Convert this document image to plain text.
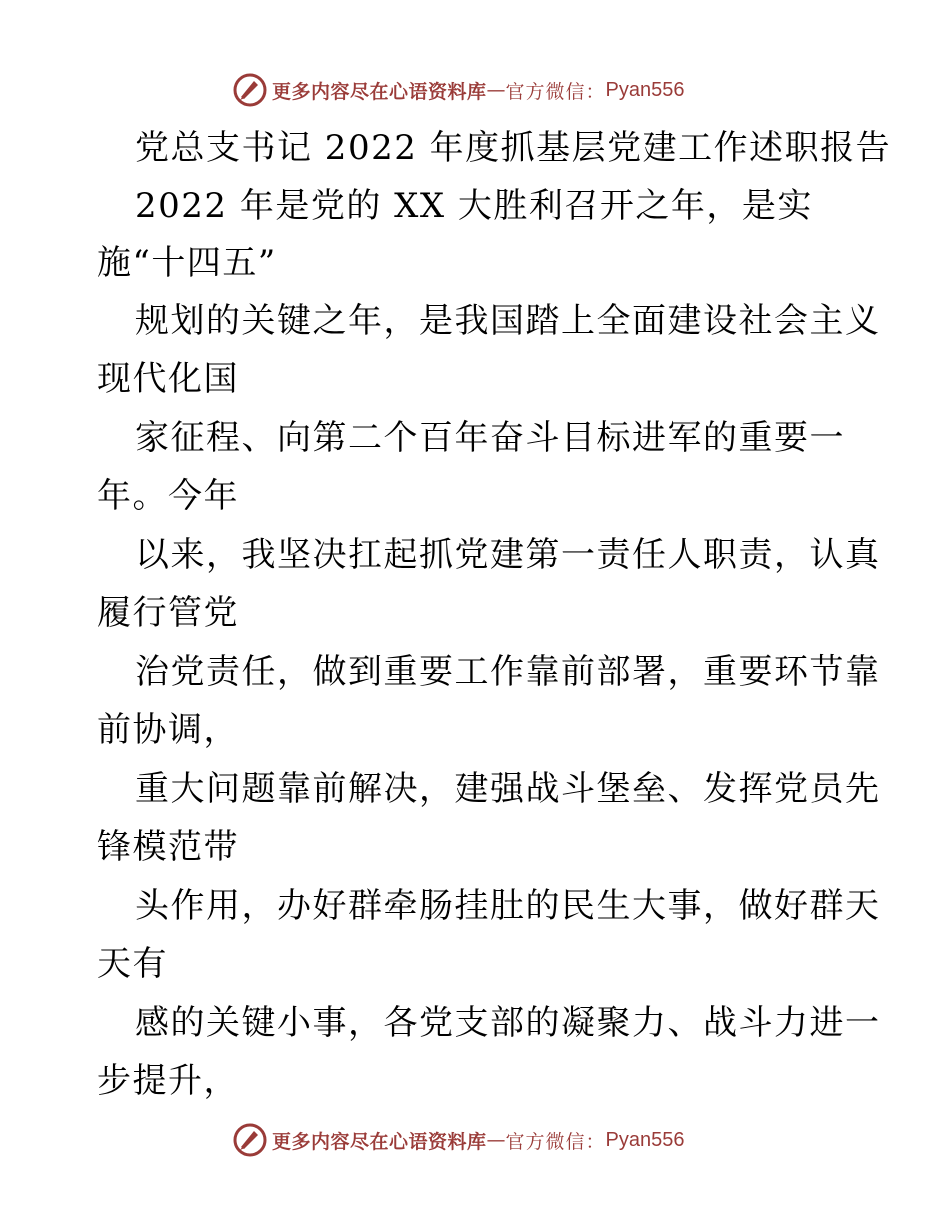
更多内容尽在心语资料库 — 官方微信： Pyan556
党总支书记 2022 年度抓基层党建工作述职报告
2022 年是党的 XX 大胜利召开之年，是实
施“十四五”
规划的关键之年，是我国踏上全面建设社会主义
现代化国
家征程、向第二个百年奋斗目标进军的重要一
年。今年
以来，我坚决扛起抓党建第一责任人职责，认真
履行管党
治党责任，做到重要工作靠前部署，重要环节靠
前协调，
重大问题靠前解决，建强战斗堡垒、发挥党员先
锋模范带
头作用，办好群牵肠挂肚的民生大事，做好群天
天有
感的关键小事，各党支部的凝聚力、战斗力进一
步提升，
更多内容尽在心语资料库 — 官方微信： Pyan556
